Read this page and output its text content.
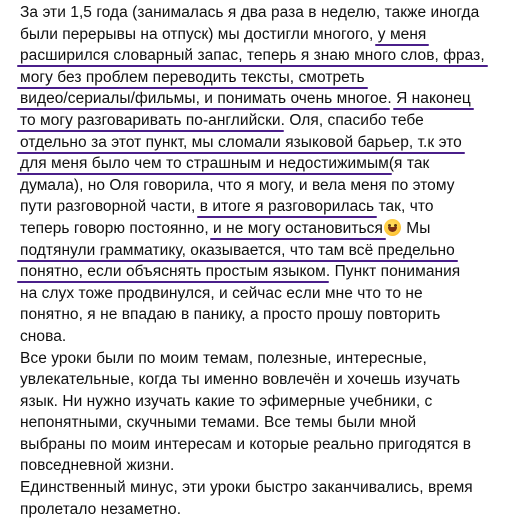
За эти 1,5 года (занималась я два раза в неделю, также иногда
были перерывы на отпуск) мы достигли многого, у меня
расширился словарный запас, теперь я знаю много слов, фраз,
могу без проблем переводить тексты, смотреть
видео/сериалы/фильмы, и понимать очень многое. Я наконец
то могу разговаривать по-английски. Оля, спасибо тебе
отдельно за этот пункт, мы сломали языковой барьер, т.к это
для меня было чем то страшным и недостижимым(я так
думала), но Оля говорила, что я могу, и вела меня по этому
пути разговорной части, в итоге я разговорилась так, что
теперь говорю постоянно, и не могу остановиться Мы
подтянули грамматику, оказывается, что там всё предельно
понятно, если объяснять простым языком. Пункт понимания
на слух тоже продвинулся, и сейчас если мне что то не
понятно, я не впадаю в панику, а просто прошу повторить
снова.
Все уроки были по моим темам, полезные, интересные,
увлекательные, когда ты именно вовлечён и хочешь изучать
язык. Ни нужно изучать какие то эфимерные учебники, с
непонятными, скучными темами. Все темы были мной
выбраны по моим интересам и которые реально пригодятся в
повседневной жизни.
Единственный минус, эти уроки быстро заканчивались, время
пролетало незаметно.
